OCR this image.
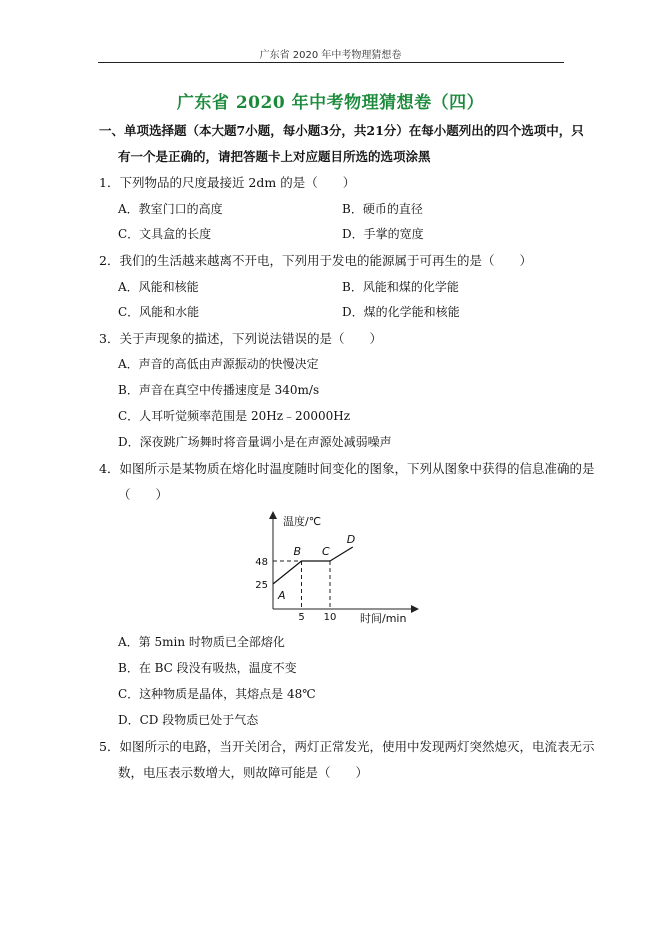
广东省 2020 年中考物理猜想卷
广东省 2020 年中考物理猜想卷（四）
一、单项选择题（本大题7小题，每小题3分，共21分）在每小题列出的四个选项中，只
有一个是正确的，请把答题卡上对应题目所选的选项涂黑
1．下列物品的尺度最接近 2dm 的是（　　）
A．教室门口的高度	B．硬币的直径
C．文具盒的长度	D．手掌的宽度
2．我们的生活越来越离不开电，下列用于发电的能源属于可再生的是（　　）
A．风能和核能	B．风能和煤的化学能
C．风能和水能	D．煤的化学能和核能
3．关于声现象的描述，下列说法错误的是（　　）
A．声音的高低由声源振动的快慢决定
B．声音在真空中传播速度是 340m/s
C．人耳听觉频率范围是 20Hz﹣20000Hz
D．深夜跳广场舞时将音量调小是在声源处减弱噪声
4．如图所示是某物质在熔化时温度随时间变化的图象，下列从图象中获得的信息准确的是
（　　）
温度/℃
时间/min
A
B C
D
25
48
5 10
A．第 5min 时物质已全部熔化
B．在 BC 段没有吸热，温度不变
C．这种物质是晶体，其熔点是 48℃
D．CD 段物质已处于气态
5．如图所示的电路，当开关闭合，两灯正常发光，使用中发现两灯突然熄灭，电流表无示
数，电压表示数增大，则故障可能是（　　）
